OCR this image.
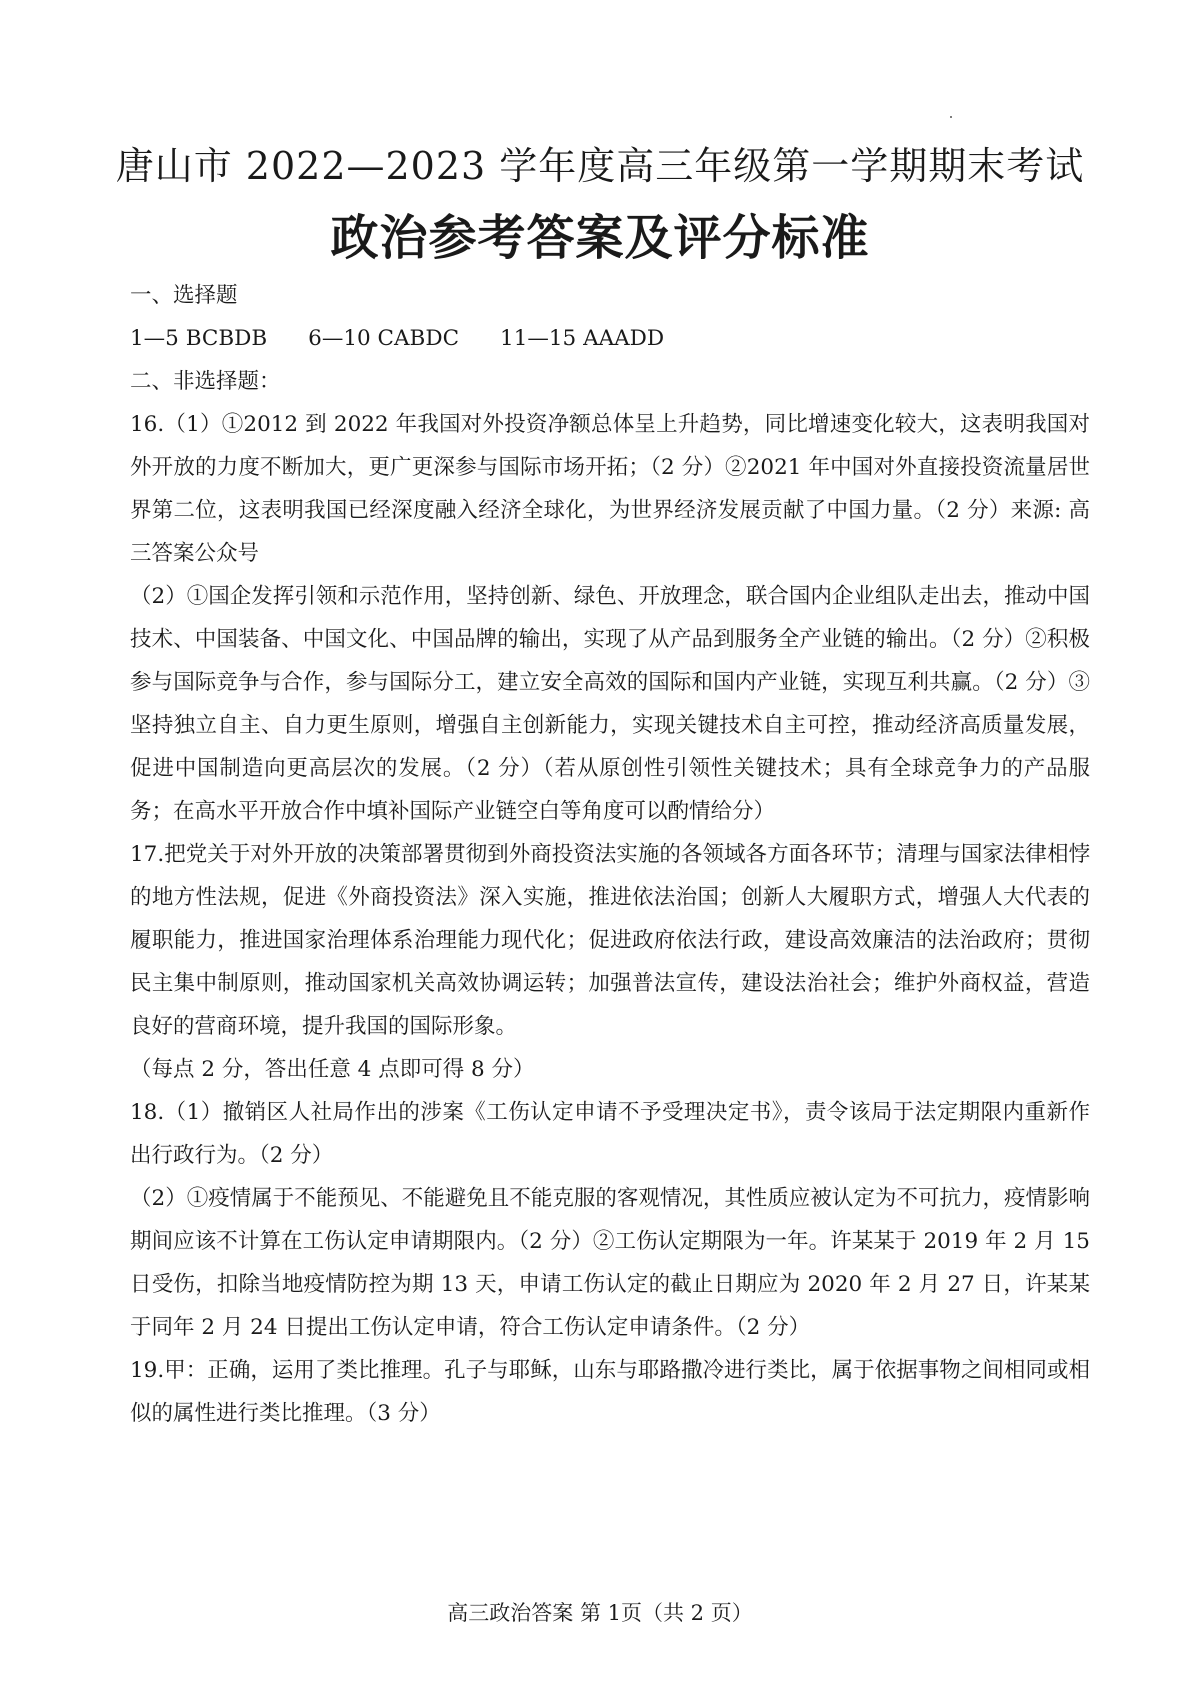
唐山市 2022—2023 学年度高三年级第一学期期末考试
政治参考答案及评分标准

一、选择题

1—5 BCBDB      6—10 CABDC      11—15 AAADD

二、非选择题：

16.（1）①2012 到 2022 年我国对外投资净额总体呈上升趋势，同比增速变化较大，这表明我国对外开放的力度不断加大，更广更深参与国际市场开拓；（2 分）②2021 年中国对外直接投资流量居世界第二位，这表明我国已经深度融入经济全球化，为世界经济发展贡献了中国力量。（2 分）来源: 高三答案公众号

（2）①国企发挥引领和示范作用，坚持创新、绿色、开放理念，联合国内企业组队走出去，推动中国技术、中国装备、中国文化、中国品牌的输出，实现了从产品到服务全产业链的输出。（2 分）②积极参与国际竞争与合作，参与国际分工，建立安全高效的国际和国内产业链，实现互利共赢。（2 分）③坚持独立自主、自力更生原则，增强自主创新能力，实现关键技术自主可控，推动经济高质量发展，促进中国制造向更高层次的发展。（2 分）（若从原创性引领性关键技术；具有全球竞争力的产品服务；在高水平开放合作中填补国际产业链空白等角度可以酌情给分）

17.把党关于对外开放的决策部署贯彻到外商投资法实施的各领域各方面各环节；清理与国家法律相悖的地方性法规，促进《外商投资法》深入实施，推进依法治国；创新人大履职方式，增强人大代表的履职能力，推进国家治理体系治理能力现代化；促进政府依法行政，建设高效廉洁的法治政府；贯彻民主集中制原则，推动国家机关高效协调运转；加强普法宣传，建设法治社会；维护外商权益，营造良好的营商环境，提升我国的国际形象。

（每点 2 分，答出任意 4 点即可得 8 分）

18.（1）撤销区人社局作出的涉案《工伤认定申请不予受理决定书》，责令该局于法定期限内重新作出行政行为。（2 分）

（2）①疫情属于不能预见、不能避免且不能克服的客观情况，其性质应被认定为不可抗力，疫情影响期间应该不计算在工伤认定申请期限内。（2 分）②工伤认定期限为一年。许某某于 2019 年 2 月 15 日受伤，扣除当地疫情防控为期 13 天，申请工伤认定的截止日期应为 2020 年 2 月 27 日，许某某于同年 2 月 24 日提出工伤认定申请，符合工伤认定申请条件。（2 分）

19.甲：正确，运用了类比推理。孔子与耶稣，山东与耶路撒冷进行类比，属于依据事物之间相同或相似的属性进行类比推理。（3 分）

高三政治答案 第 1页（共 2 页）
